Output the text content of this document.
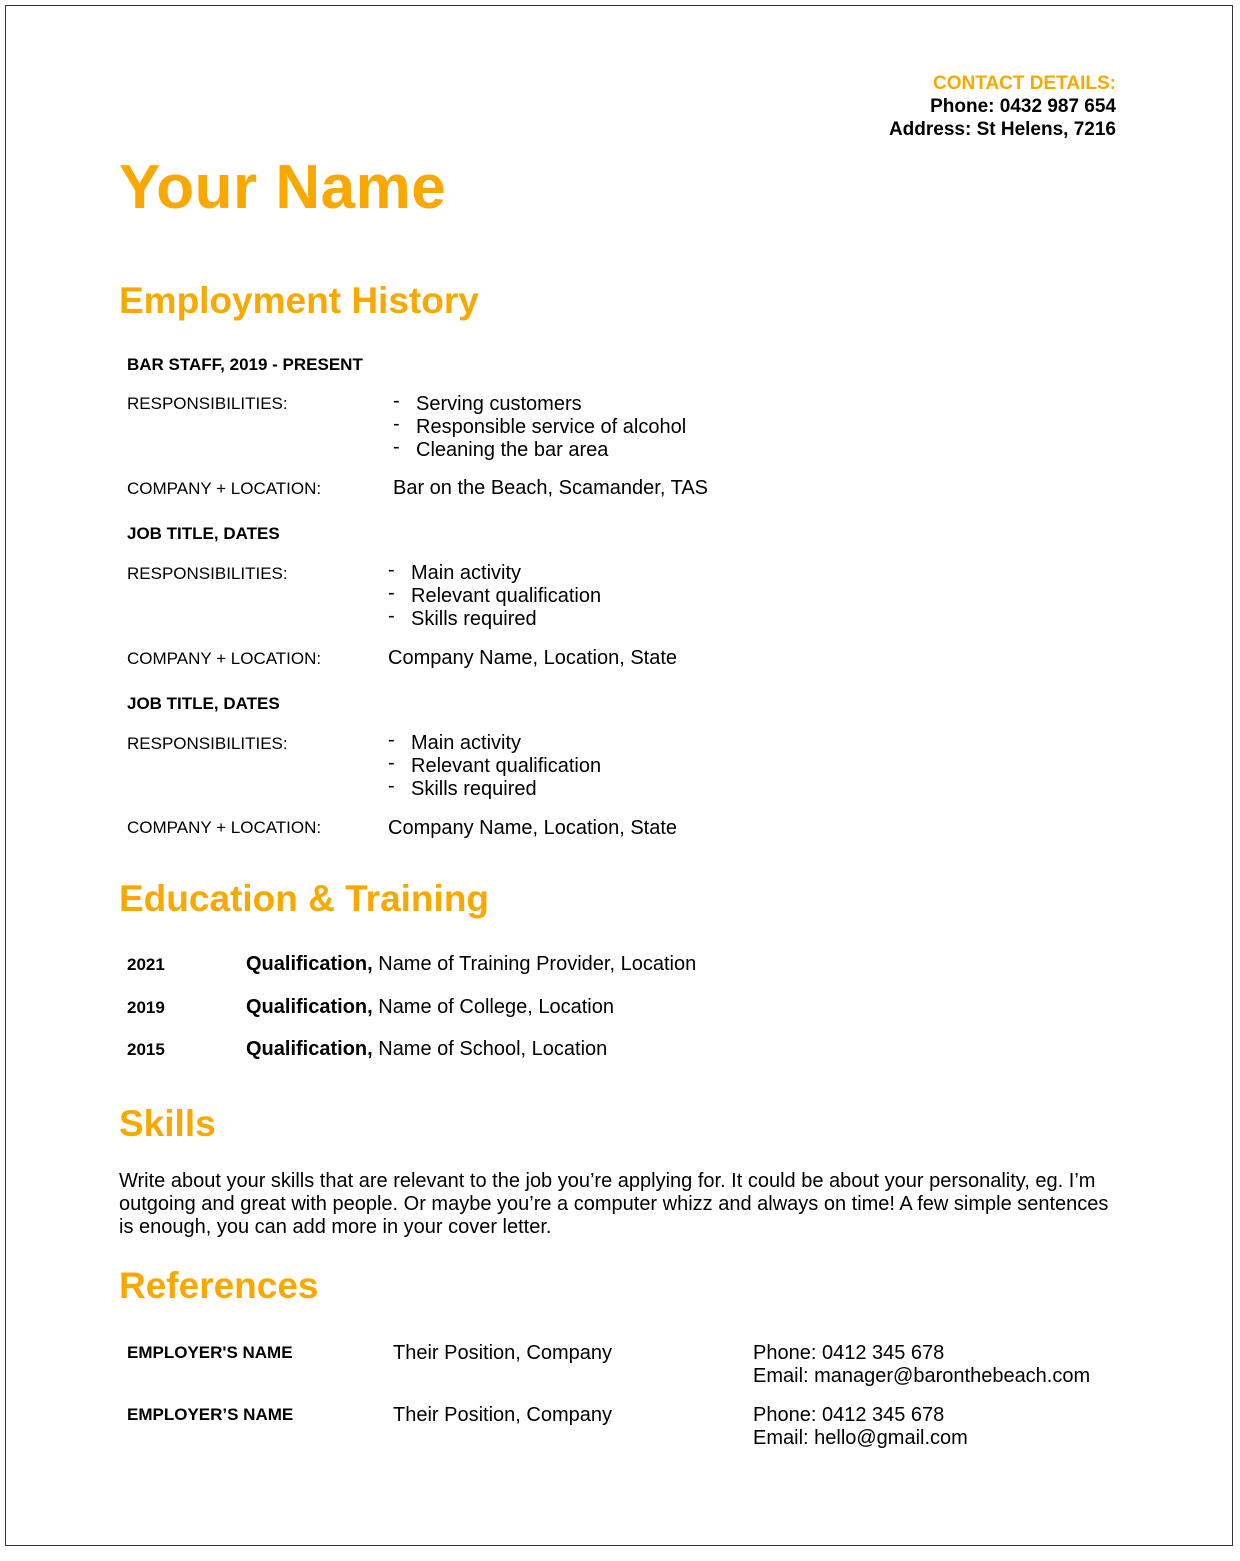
CONTACT DETAILS:
Phone: 0432 987 654
Address: St Helens, 7216
Your Name
Employment History
BAR STAFF, 2019 - PRESENT
RESPONSIBILITIES:	- Serving customers
- Responsible service of alcohol
- Cleaning the bar area
COMPANY + LOCATION:	Bar on the Beach, Scamander, TAS
JOB TITLE, DATES
RESPONSIBILITIES:	- Main activity
- Relevant qualification
- Skills required
COMPANY + LOCATION:	Company Name, Location, State
JOB TITLE, DATES
RESPONSIBILITIES:	- Main activity
- Relevant qualification
- Skills required
COMPANY + LOCATION:	Company Name, Location, State
Education & Training
2021	Qualification, Name of Training Provider, Location
2019	Qualification, Name of College, Location
2015	Qualification, Name of School, Location
Skills
Write about your skills that are relevant to the job you’re applying for. It could be about your personality, eg. I’m outgoing and great with people. Or maybe you’re a computer whizz and always on time! A few simple sentences is enough, you can add more in your cover letter.
References
EMPLOYER'S NAME	Their Position, Company	Phone: 0412 345 678
Email: manager@baronthebeach.com
EMPLOYER’S NAME	Their Position, Company	Phone: 0412 345 678
Email: hello@gmail.com
